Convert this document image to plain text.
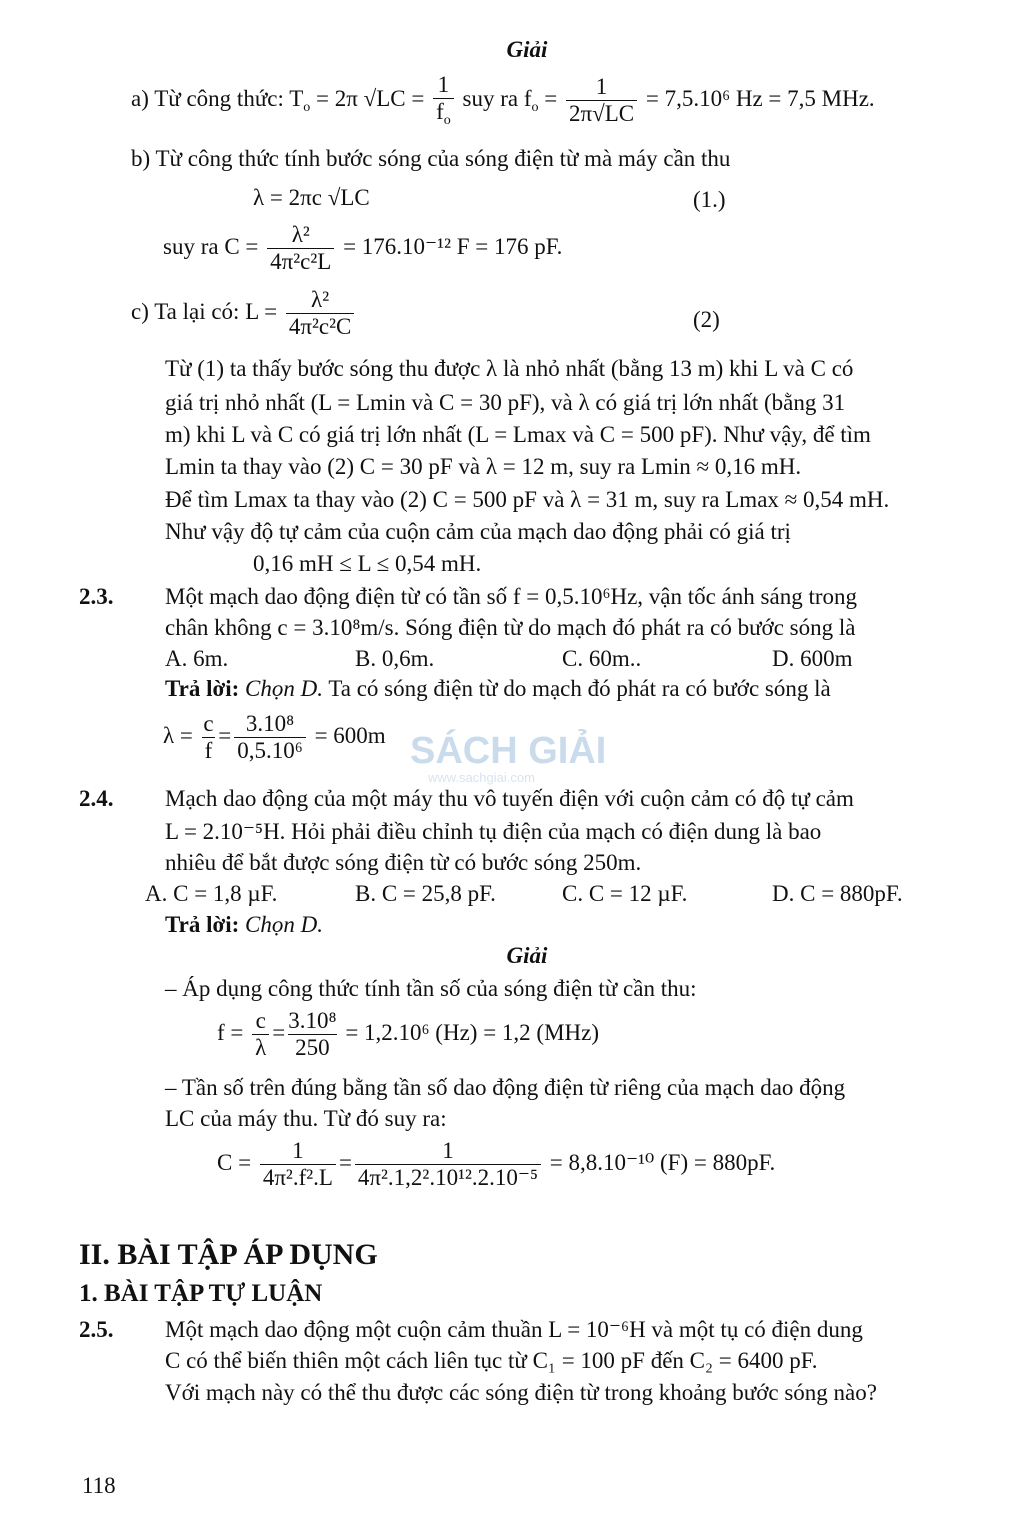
SÁCH GIẢI
www.sachgiai.com
Giải
a) Từ công thức: $T_o = 2\pi$ $√LC = \frac{1}{f_o}$ suy ra $f_o = \frac{1}{2\pi√LC} = 7,5.10^6$ Hz = 7,5 MHz.
b) Từ công thức tính bước sóng của sóng điện từ mà máy cần thu
λ = 2πc √LC	(1.)
suy ra $C = \frac{\text{λ²}}{\text{4π²c²L}} = 176.10^{-12}$ F = 176 pF.
c) Ta lại có: $L = \frac{\text{λ²}}{\text{4π²c²C}}$	(2)
Từ (1) ta thấy bước sóng thu được λ là nhỏ nhất (bằng 13 m) khi L và C có
giá trị nhỏ nhất (L = Lmin và C = 30 pF), và λ có giá trị lớn nhất (bằng 31
m) khi L và C có giá trị lớn nhất (L = Lmax và C = 500 pF). Như vậy, để tìm
Lmin ta thay vào (2) C = 30 pF và λ = 12 m, suy ra Lmin ≈ 0,16 mH.
Để tìm Lmax ta thay vào (2) C = 500 pF và λ = 31 m, suy ra Lmax ≈ 0,54 mH.
Như vậy độ tự cảm của cuộn cảm của mạch dao động phải có giá trị
0,16 mH ≤ L ≤ 0,54 mH.
2.3. Một mạch dao động điện từ có tần số f = 0,5.10⁶Hz, vận tốc ánh sáng trong
chân không c = 3.10⁸m/s. Sóng điện từ do mạch đó phát ra có bước sóng là
A. 6m.	B. 0,6m.	C. 60m..	D. 600m
Trả lời: Chọn D. Ta có sóng điện từ do mạch đó phát ra có bước sóng là
$\lambda = \frac{c}{f} = \frac{\text{3.10⁸}}{\text{0,5.10⁶}} = 600m$
2.4. Mạch dao động của một máy thu vô tuyến điện với cuộn cảm có độ tự cảm
L = 2.10⁻⁵H. Hỏi phải điều chỉnh tụ điện của mạch có điện dung là bao
nhiêu để bắt được sóng điện từ có bước sóng 250m.
A. C = 1,8 µF.	B. C = 25,8 pF.	C. C = 12 µF.	D. C = 880pF.
Trả lời: Chọn D.
Giải
– Áp dụng công thức tính tần số của sóng điện từ cần thu:
$f = \frac{c}{\lambda} = \frac{\text{3.10⁸}}{250} = 1,2.10^6$ (Hz) = 1,2 (MHz)
– Tần số trên đúng bằng tần số dao động điện từ riêng của mạch dao động
LC của máy thu. Từ đó suy ra:
$C = \frac{1}{\text{4π².f².L}} = \frac{1}{\text{4π².1,2².10¹².2.10⁻⁵}} = 8,8.10^{-10}$ (F) = 880pF.
II. BÀI TẬP ÁP DỤNG
1. BÀI TẬP TỰ LUẬN
2.5. Một mạch dao động một cuộn cảm thuần L = 10⁻⁶H và một tụ có điện dung
C có thể biến thiên một cách liên tục từ C₁ = 100 pF đến C₂ = 6400 pF.
Với mạch này có thể thu được các sóng điện từ trong khoảng bước sóng nào?
118
